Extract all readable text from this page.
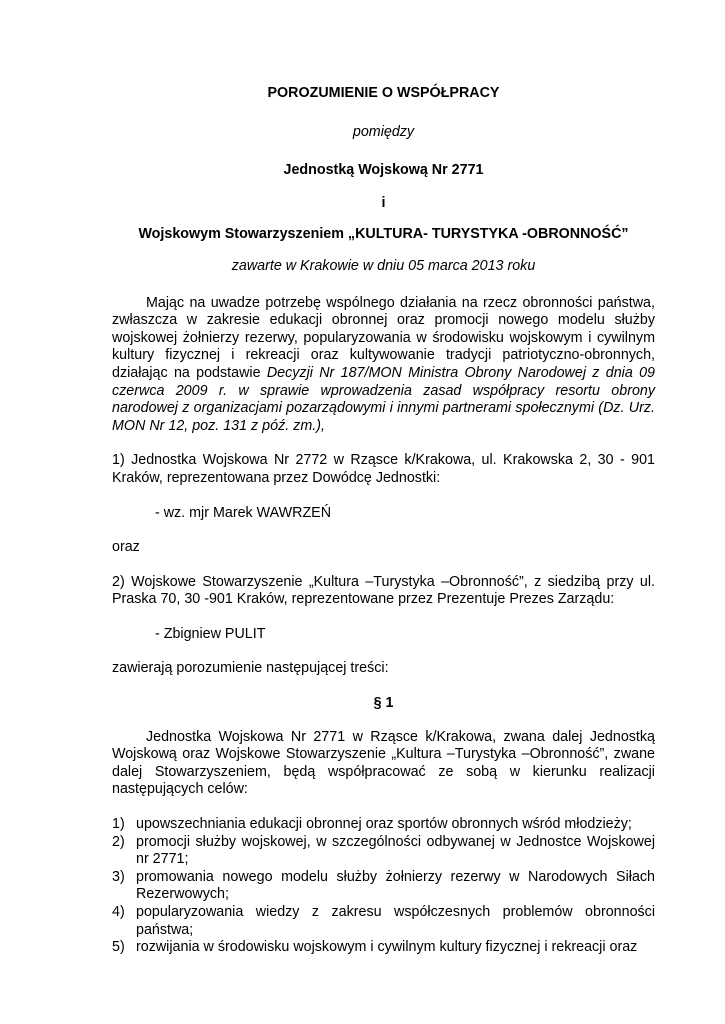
POROZUMIENIE O WSPÓŁPRACY
pomiędzy
Jednostką Wojskową Nr 2771
i
Wojskowym Stowarzyszeniem „KULTURA- TURYSTYKA -OBRONNOŚĆ”
zawarte w Krakowie w dniu 05 marca 2013 roku
Mając na uwadze potrzebę wspólnego działania na rzecz obronności państwa, zwłaszcza w zakresie edukacji obronnej oraz promocji nowego modelu służby wojskowej żołnierzy rezerwy, popularyzowania w środowisku wojskowym i cywilnym kultury fizycznej i rekreacji oraz kultywowanie tradycji patriotyczno-obronnych, działając na podstawie Decyzji Nr 187/MON Ministra Obrony Narodowej z dnia 09 czerwca 2009 r. w sprawie wprowadzenia zasad współpracy resortu obrony narodowej z organizacjami pozarządowymi i innymi partnerami społecznymi (Dz. Urz. MON Nr 12, poz. 131 z póź. zm.),
1) Jednostka Wojskowa Nr 2772 w Rząsce k/Krakowa, ul. Krakowska 2, 30 - 901 Kraków, reprezentowana przez Dowódcę Jednostki:
- wz. mjr Marek WAWRZEŃ
oraz
2) Wojskowe Stowarzyszenie „Kultura –Turystyka –Obronność”, z siedzibą przy ul. Praska 70, 30 -901 Kraków, reprezentowane przez Prezentuje Prezes Zarządu:
- Zbigniew PULIT
zawierają porozumienie następującej treści:
§ 1
Jednostka Wojskowa Nr 2771 w Rząsce k/Krakowa, zwana dalej Jednostką Wojskową oraz Wojskowe Stowarzyszenie „Kultura –Turystyka –Obronność”, zwane dalej Stowarzyszeniem, będą współpracować ze sobą w kierunku realizacji następujących celów:
1) upowszechniania edukacji obronnej oraz sportów obronnych wśród młodzieży;
2) promocji służby wojskowej, w szczególności odbywanej w Jednostce Wojskowej nr 2771;
3) promowania nowego modelu służby żołnierzy rezerwy w Narodowych Siłach Rezerwowych;
4) popularyzowania wiedzy z zakresu współczesnych problemów obronności państwa;
5) rozwijania w środowisku wojskowym i cywilnym kultury fizycznej i rekreacji oraz
